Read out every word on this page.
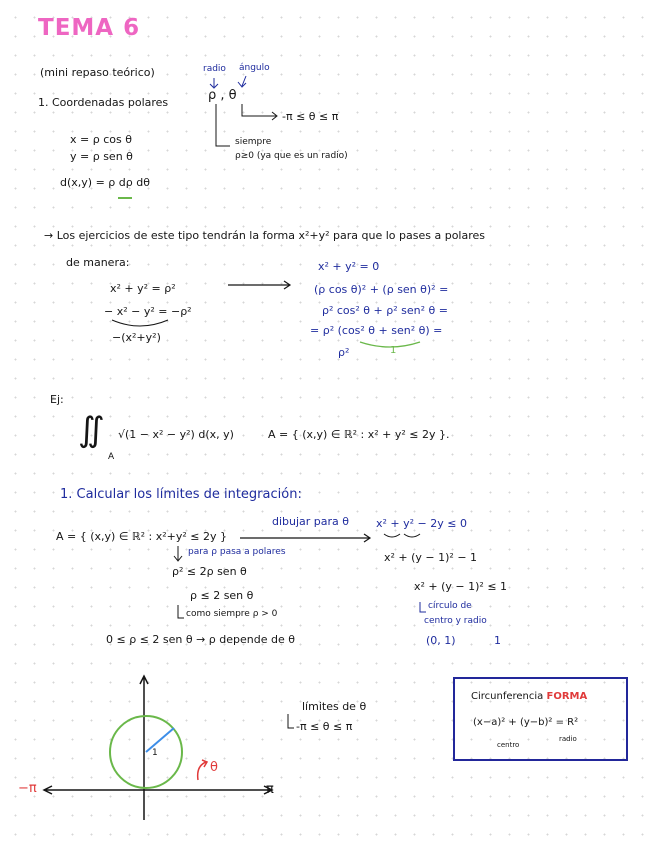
TEMA 6
(mini repaso teórico)
1. Coordenadas polares
radio ángulo
ρ , θ
-π ≤ θ ≤ π
x = ρ cos θ
y = ρ sen θ
siempre
ρ≥0 (ya que es un radio)
d(x,y) = ρ dρ dθ
→ Los ejercicios de este tipo tendrán la forma x²+y² para que lo pases a polares
de manera:
x² + y² = ρ²
− x² − y² = −ρ²
−(x²+y²)
x² + y² = 0
(ρ cos θ)² + (ρ sen θ)² =
ρ² cos² θ + ρ² sen² θ =
= ρ² (cos² θ + sen² θ) =
ρ²	1
Ej:
∬
A
√(1 − x² − y²) d(x, y)	A = { (x,y) ∈ ℝ² : x² + y² ≤ 2y }.
1. Calcular los límites de integración:
A = { (x,y) ∈ ℝ² : x²+y² ≤ 2y }
dibujar para θ x² + y² − 2y ≤ 0
x² + (y − 1)² − 1
x² + (y − 1)² ≤ 1
círculo de
centro y radio
(0, 1)	1
para ρ pasa a polares
ρ² ≤ 2ρ sen θ
ρ ≤ 2 sen θ
como siempre ρ > 0
0 ≤ ρ ≤ 2 sen θ → ρ depende de θ
límites de θ
-π ≤ θ ≤ π
−π	π
θ
1
Circunferencia FORMA
(x−a)² + (y−b)² = R²
centro
radio
